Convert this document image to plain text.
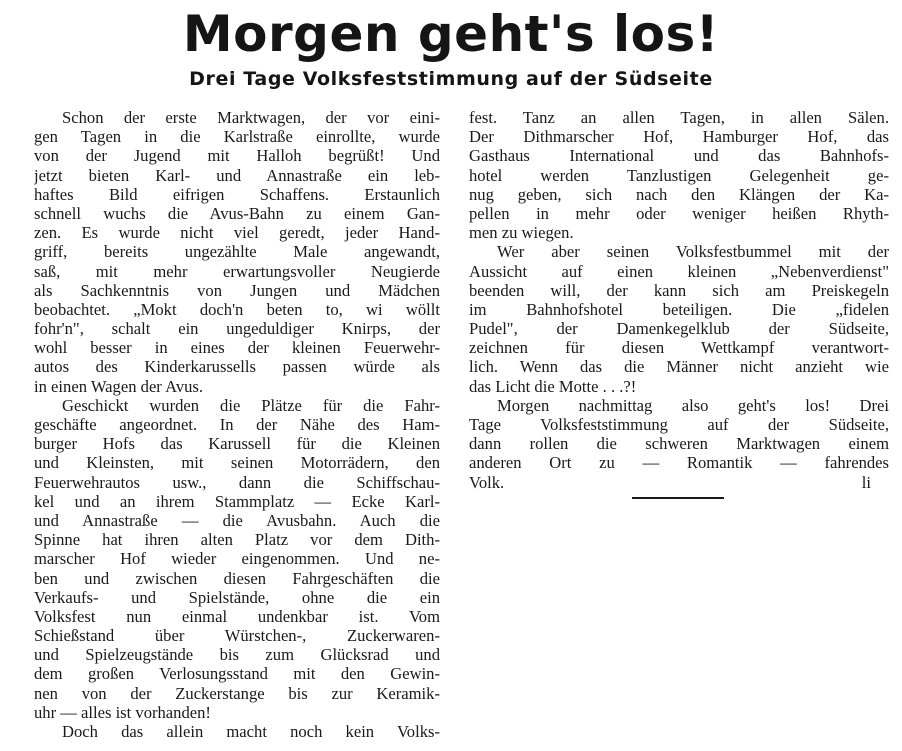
Morgen geht's los!
Drei Tage Volksfeststimmung auf der Südseite
Schon der erste Marktwagen, der vor eini-
gen Tagen in die Karlstraße einrollte, wurde
von der Jugend mit Halloh begrüßt! Und
jetzt bieten Karl- und Annastraße ein leb-
haftes Bild eifrigen Schaffens. Erstaunlich
schnell wuchs die Avus-Bahn zu einem Gan-
zen. Es wurde nicht viel geredt, jeder Hand-
griff, bereits ungezählte Male angewandt,
saß, mit mehr erwartungsvoller Neugierde
als Sachkenntnis von Jungen und Mädchen
beobachtet. „Mokt doch'n beten to, wi wöllt
fohr'n", schalt ein ungeduldiger Knirps, der
wohl besser in eines der kleinen Feuerwehr-
autos des Kinderkarussells passen würde als
in einen Wagen der Avus.
Geschickt wurden die Plätze für die Fahr-
geschäfte angeordnet. In der Nähe des Ham-
burger Hofs das Karussell für die Kleinen
und Kleinsten, mit seinen Motorrädern, den
Feuerwehrautos usw., dann die Schiffschau-
kel und an ihrem Stammplatz — Ecke Karl-
und Annastraße — die Avusbahn. Auch die
Spinne hat ihren alten Platz vor dem Dith-
marscher Hof wieder eingenommen. Und ne-
ben und zwischen diesen Fahrgeschäften die
Verkaufs- und Spielstände, ohne die ein
Volksfest nun einmal undenkbar ist. Vom
Schießstand über Würstchen-, Zuckerwaren-
und Spielzeugstände bis zum Glücksrad und
dem großen Verlosungsstand mit den Gewin-
nen von der Zuckerstange bis zur Keramik-
uhr — alles ist vorhanden!
Doch das allein macht noch kein Volks-
fest. Tanz an allen Tagen, in allen Sälen.
Der Dithmarscher Hof, Hamburger Hof, das
Gasthaus International und das Bahnhofs-
hotel werden Tanzlustigen Gelegenheit ge-
nug geben, sich nach den Klängen der Ka-
pellen in mehr oder weniger heißen Rhyth-
men zu wiegen.
Wer aber seinen Volksfestbummel mit der
Aussicht auf einen kleinen „Nebenverdienst"
beenden will, der kann sich am Preiskegeln
im Bahnhofshotel beteiligen. Die „fidelen
Pudel", der Damenkegelklub der Südseite,
zeichnen für diesen Wettkampf verantwort-
lich. Wenn das die Männer nicht anzieht wie
das Licht die Motte . . .?!
Morgen nachmittag also geht's los! Drei
Tage Volksfeststimmung auf der Südseite,
dann rollen die schweren Marktwagen einem
anderen Ort zu — Romantik — fahrendes
Volk.	li
